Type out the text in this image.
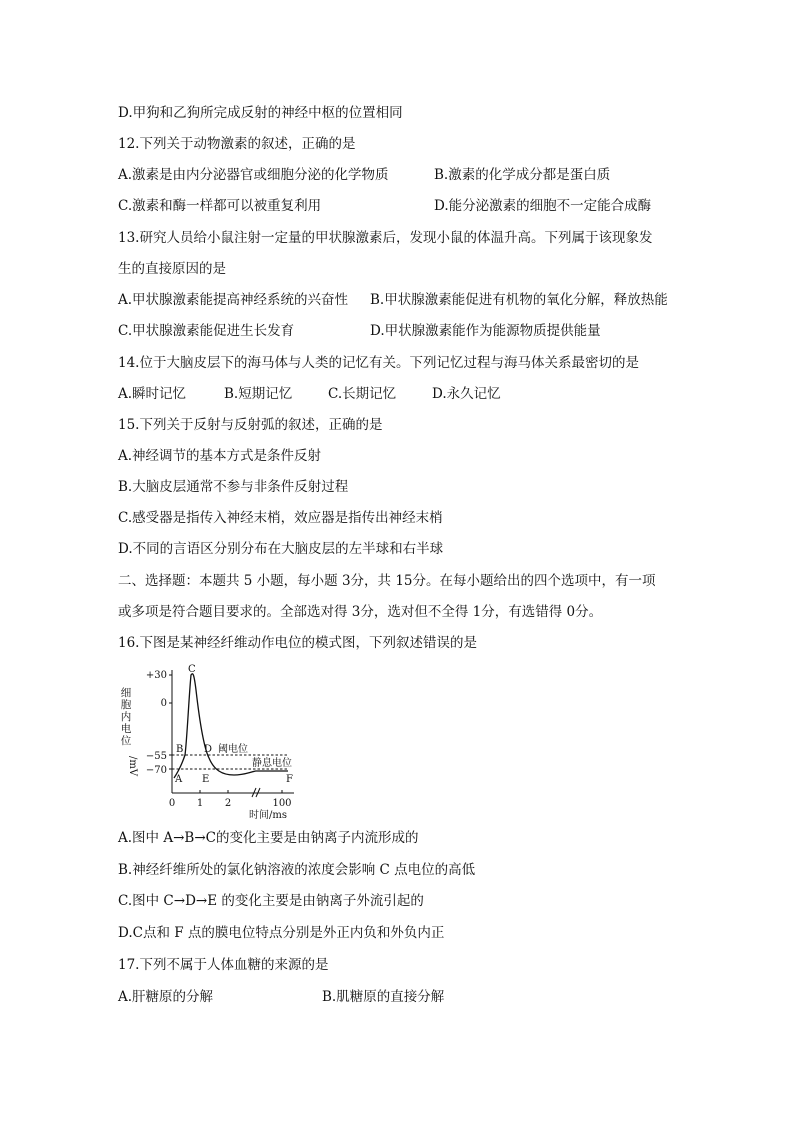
D.甲狗和乙狗所完成反射的神经中枢的位置相同
12.下列关于动物激素的叙述，正确的是
A.激素是由内分泌器官或细胞分泌的化学物质	B.激素的化学成分都是蛋白质
C.激素和酶一样都可以被重复利用	D.能分泌激素的细胞不一定能合成酶
13.研究人员给小鼠注射一定量的甲状腺激素后，发现小鼠的体温升高。下列属于该现象发
生的直接原因的是
A.甲状腺激素能提高神经系统的兴奋性 B.甲状腺激素能促进有机物的氧化分解，释放热能
C.甲状腺激素能促进生长发育	D.甲状腺激素能作为能源物质提供能量
14.位于大脑皮层下的海马体与人类的记忆有关。下列记忆过程与海马体关系最密切的是
A.瞬时记忆	B.短期记忆	C.长期记忆	D.永久记忆
15.下列关于反射与反射弧的叙述，正确的是
A.神经调节的基本方式是条件反射
B.大脑皮层通常不参与非条件反射过程
C.感受器是指传入神经末梢，效应器是指传出神经末梢
D.不同的言语区分别分布在大脑皮层的左半球和右半球
二、选择题：本题共 5 小题，每小题 3分，共 15分。在每小题给出的四个选项中，有一项
或多项是符合题目要求的。全部选对得 3分，选对但不全得 1分，有选错得 0分。
16.下图是某神经纤维动作电位的模式图，下列叙述错误的是
细胞内电位
/mV
+30
0
−55
−70
A
B
C
D
E	F
阈电位
静息电位
0 1 2	100
时间/ms
A.图中 A→B→C的变化主要是由钠离子内流形成的
B.神经纤维所处的氯化钠溶液的浓度会影响 C 点电位的高低
C.图中 C→D→E 的变化主要是由钠离子外流引起的
D.C点和 F 点的膜电位特点分别是外正内负和外负内正
17.下列不属于人体血糖的来源的是
A.肝糖原的分解	B.肌糖原的直接分解
